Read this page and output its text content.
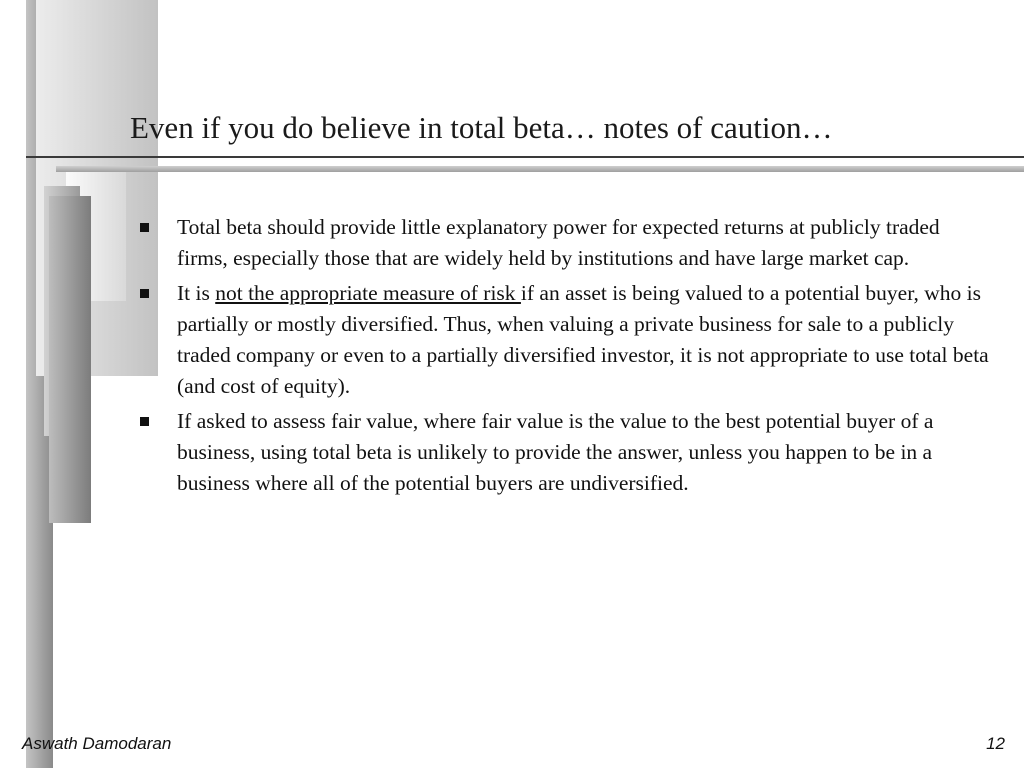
Even if you do believe in total beta… notes of caution…
Total beta should provide little explanatory power for expected returns at publicly traded firms, especially those that are widely held by institutions and have large market cap.
It is not the appropriate measure of risk if an asset is being valued to a potential buyer, who is partially or mostly diversified. Thus, when valuing a private business for sale to a publicly traded company or even to a partially diversified investor, it is not appropriate to use total beta (and cost of equity).
If asked to assess fair value, where fair value is the value to the best potential buyer of a business, using total beta is unlikely to provide the answer, unless you happen to be in a business where all of the potential buyers are undiversified.
Aswath Damodaran	12
